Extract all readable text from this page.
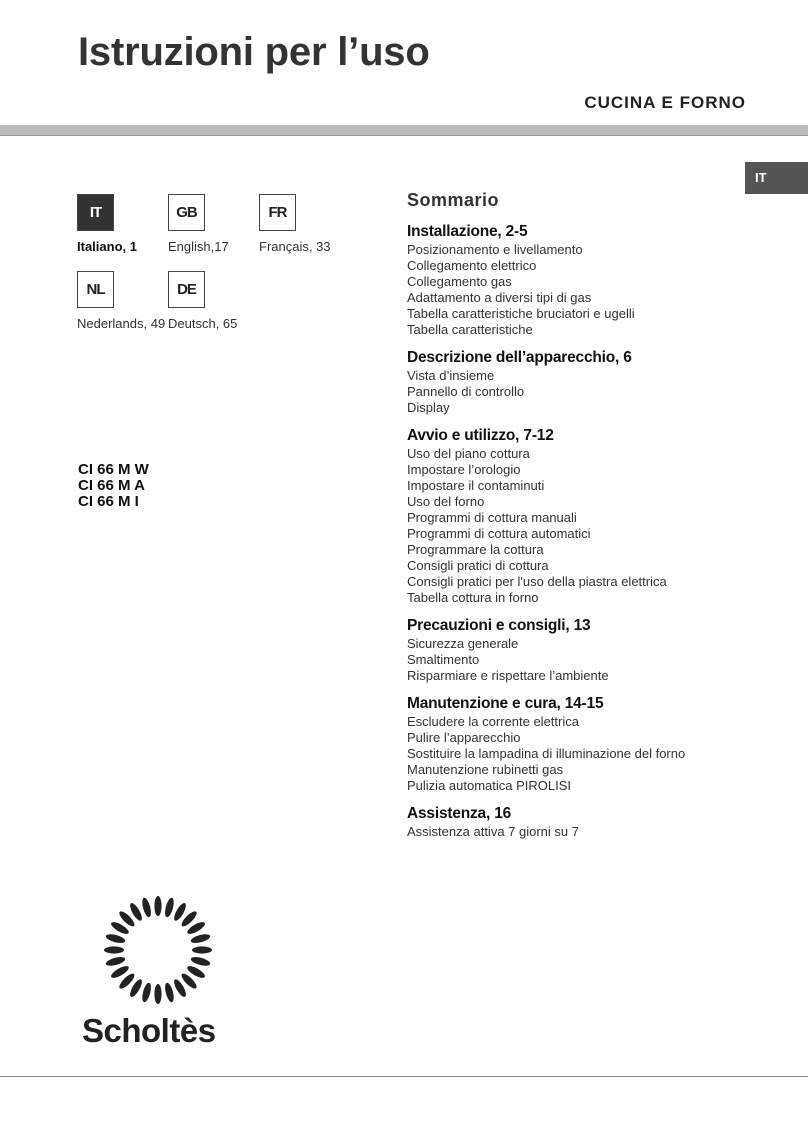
Istruzioni per l’uso
CUCINA E FORNO
IT
IT
Italiano, 1
GB
English,17
FR
Français, 33
NL
Nederlands, 49
DE
Deutsch, 65
CI 66 M W
CI 66 M A
CI 66 M I
Sommario
Installazione, 2-5
Posizionamento e livellamento
Collegamento elettrico
Collegamento gas
Adattamento a diversi tipi di gas
Tabella caratteristiche bruciatori e ugelli
Tabella caratteristiche
Descrizione dell’apparecchio, 6
Vista d’insieme
Pannello di controllo
Display
Avvio e utilizzo, 7-12
Uso del piano cottura
Impostare l’orologio
Impostare il contaminuti
Uso del forno
Programmi di cottura manuali
Programmi di cottura automatici
Programmare la cottura
Consigli pratici di cottura
Consigli pratici per l'uso della piastra elettrica
Tabella cottura in forno
Precauzioni e consigli, 13
Sicurezza generale
Smaltimento
Risparmiare e rispettare l’ambiente
Manutenzione e cura, 14-15
Escludere la corrente elettrica
Pulire l’apparecchio
Sostituire la lampadina di illuminazione del forno
Manutenzione rubinetti gas
Pulizia automatica PIROLISI
Assistenza, 16
Assistenza attiva 7 giorni su 7
Scholtès
